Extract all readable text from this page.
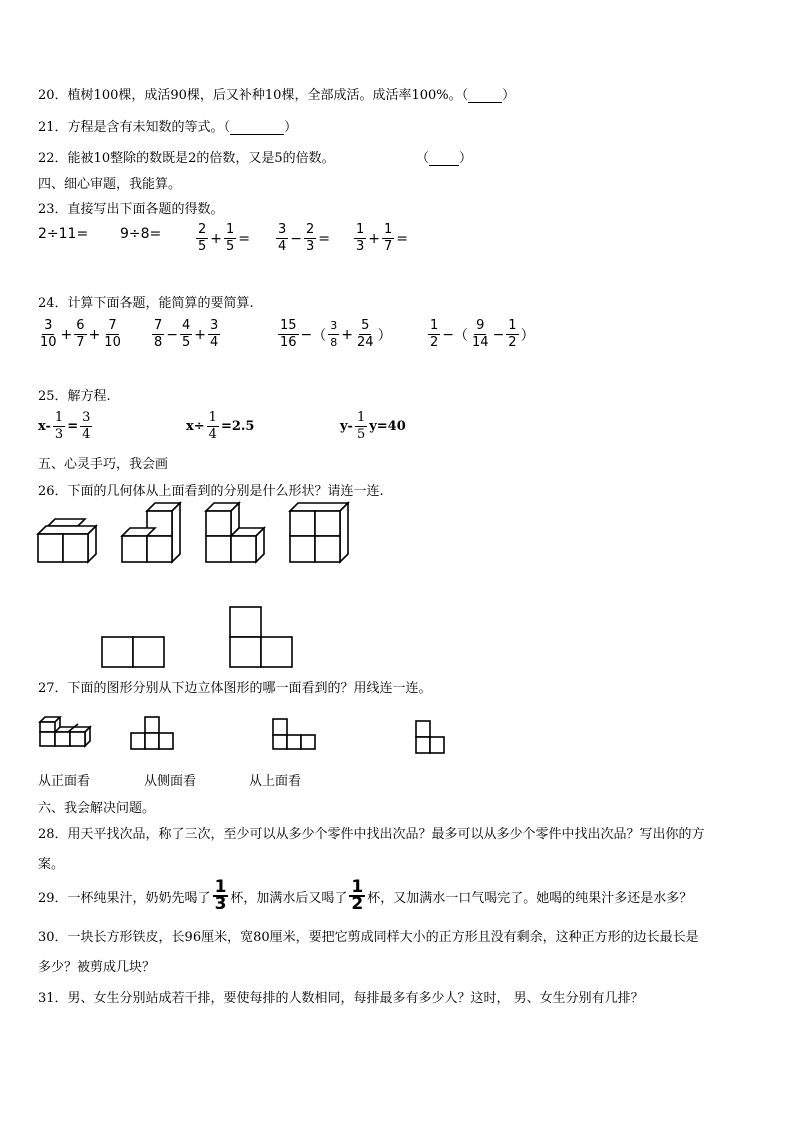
20．植树100棵，成活90棵，后又补种10棵，全部成活。成活率100%。（	）
21．方程是含有未知数的等式。（	）
22．能被10整除的数既是2的倍数，又是5的倍数。	（ ）
四、细心审题，我能算。
23．直接写出下面各题的得数。
2÷11= 9÷8=	$\frac{2}{5} + \frac{1}{5} = \frac{3}{4} - \frac{2}{3} = \frac{1}{3} + \frac{1}{7}$ =
24．计算下面各题，能简算的要简算.
$\frac{3}{10} + \frac{6}{7} + \frac{7}{10} \frac{7}{8} - \frac{4}{5} + \frac{3}{4}$	$\frac{15}{16}$ − （ $\frac{3}{8} + \frac{5}{24}$ ）	$\frac{1}{2}$ − （ $\frac{9}{14} - \frac{1}{2}$ ）
25．解方程.
$x- \frac{1}{3} = \frac{3}{4}$	$x\div \frac{1}{4} =2.5$	$y- \frac{1}{5} y=40$
五、心灵手巧，我会画
26．下面的几何体从上面看到的分别是什么形状？请连一连.
27．下面的图形分别从下边立体图形的哪一面看到的？用线连一连。
从正面看	从侧面看	从上面看
六、我会解决问题。
28．用天平找次品，称了三次，至少可以从多少个零件中找出次品？最多可以从多少个零件中找出次品？写出你的方
案。
29． 一杯纯果汁，奶奶先喝了 $\frac{1}{3}$ 杯，加满水后又喝了 $\frac{1}{2}$ 杯，又加满水一口气喝完了。她喝的纯果汁多还是水多？
30．一块长方形铁皮，长96厘米，宽80厘米，要把它剪成同样大小的正方形且没有剩余，这种正方形的边长最长是
多少？被剪成几块？
31．男、女生分别站成若干排，要使每排的人数相同，每排最多有多少人？这时， 男、女生分别有几排？
